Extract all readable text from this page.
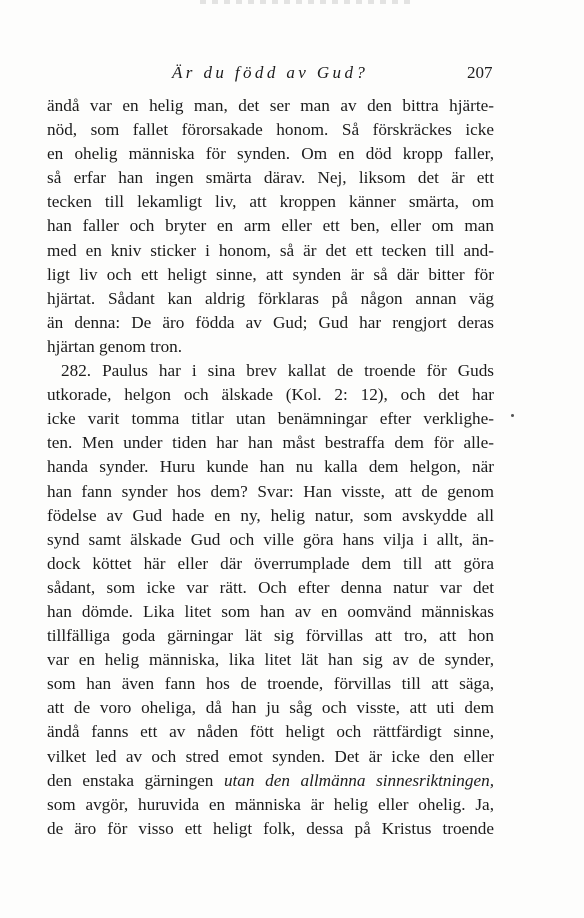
Är du född av Gud?	207
ändå var en helig man, det ser man av den bittra hjärte-
nöd, som fallet förorsakade honom. Så förskräckes icke
en ohelig människa för synden. Om en död kropp faller,
så erfar han ingen smärta därav. Nej, liksom det är ett
tecken till lekamligt liv, att kroppen känner smärta, om
han faller och bryter en arm eller ett ben, eller om man
med en kniv sticker i honom, så är det ett tecken till and-
ligt liv och ett heligt sinne, att synden är så där bitter för
hjärtat. Sådant kan aldrig förklaras på någon annan väg
än denna: De äro födda av Gud; Gud har rengjort deras
hjärtan genom tron.
282. Paulus har i sina brev kallat de troende för Guds
utkorade, helgon och älskade (Kol. 2: 12), och det har
icke varit tomma titlar utan benämningar efter verklighe-
ten. Men under tiden har han måst bestraffa dem för alle-
handa synder. Huru kunde han nu kalla dem helgon, när
han fann synder hos dem? Svar: Han visste, att de genom
födelse av Gud hade en ny, helig natur, som avskydde all
synd samt älskade Gud och ville göra hans vilja i allt, än-
dock köttet här eller där överrumplade dem till att göra
sådant, som icke var rätt. Och efter denna natur var det
han dömde. Lika litet som han av en oomvänd människas
tillfälliga goda gärningar lät sig förvillas att tro, att hon
var en helig människa, lika litet lät han sig av de synder,
som han även fann hos de troende, förvillas till att säga,
att de voro oheliga, då han ju såg och visste, att uti dem
ändå fanns ett av nåden fött heligt och rättfärdigt sinne,
vilket led av och stred emot synden. Det är icke den eller
den enstaka gärningen utan den allmänna sinnesriktningen,
som avgör, huruvida en människa är helig eller ohelig. Ja,
de äro för visso ett heligt folk, dessa på Kristus troende
